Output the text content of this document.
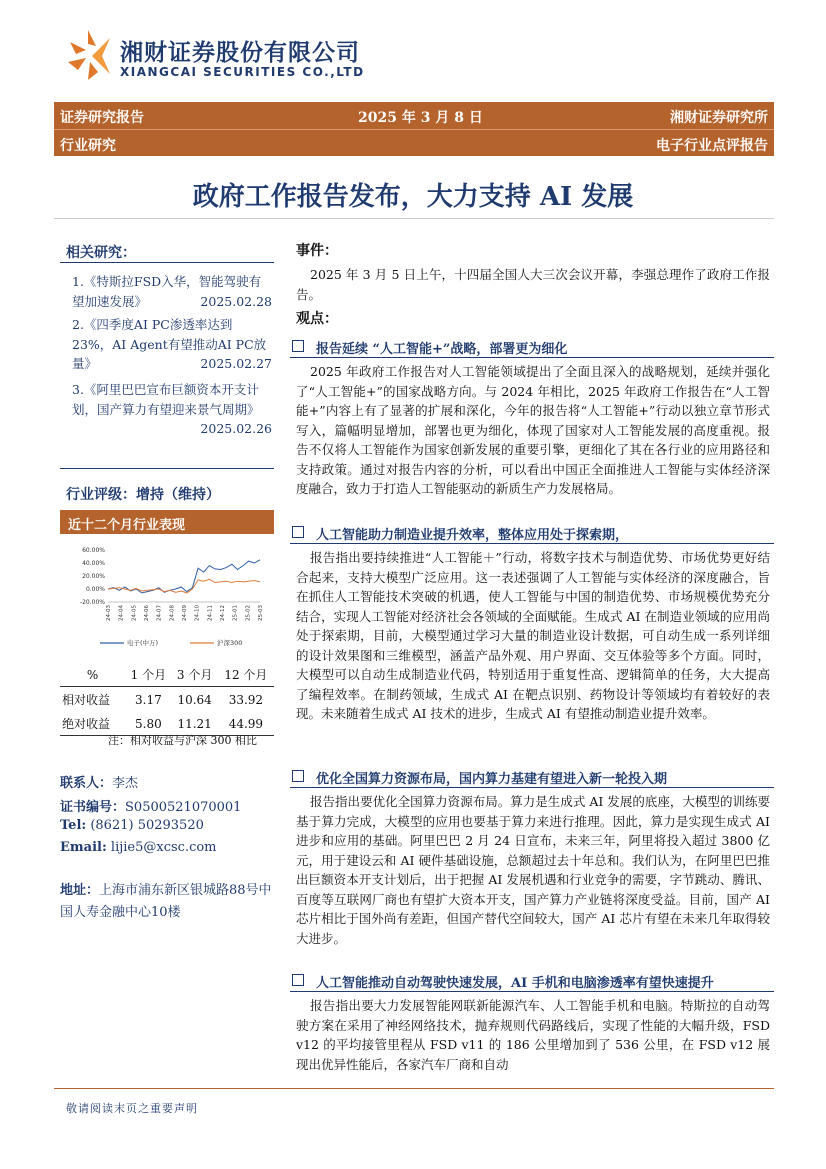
湘财证券股份有限公司
XIANGCAI SECURITIES CO.,LTD
证券研究报告	2025 年 3 月 8 日	湘财证券研究所
行业研究	电子行业点评报告
政府工作报告发布，大力支持 AI 发展
相关研究：
1.《特斯拉FSD入华，智能驾驶有望加速发展》	2025.02.28
2.《四季度AI PC渗透率达到23%，AI Agent有望推动AI PC放量》	2025.02.27
3.《阿里巴巴宣布巨额资本开支计划，国产算力有望迎来景气周期》
2025.02.26
行业评级：增持（维持）
近十二个月行业表现
60.00%
40.00%
20.00%
0.00%
-20.00%
24-03 24-04 24-05 24-06 24-07 24-08 24-09 24-10 24-11 24-12 25-01 25-02 25-03
电子(中万)	沪深300
%	1 个月	3 个月	12 个月
相对收益	3.17	10.64	33.92
绝对收益	5.80	11.21	44.99
注：相对收益与沪深 300 相比
联系人：李杰
证书编号：S0500521070001
Tel: (8621) 50293520
Email: lijie5@xcsc.com
地址：上海市浦东新区银城路88号中国人寿金融中心10楼
事件：
2025 年 3 月 5 日上午，十四届全国人大三次会议开幕，李强总理作了政府工作报告。
观点：
报告延续 “人工智能+”战略，部署更为细化
2025 年政府工作报告对人工智能领域提出了全面且深入的战略规划，延续并强化了“人工智能+”的国家战略方向。与 2024 年相比，2025 年政府工作报告在“人工智能+”内容上有了显著的扩展和深化，今年的报告将“人工智能+”行动以独立章节形式写入，篇幅明显增加，部署也更为细化，体现了国家对人工智能发展的高度重视。报告不仅将人工智能作为国家创新发展的重要引擎，更细化了其在各行业的应用路径和支持政策。通过对报告内容的分析，可以看出中国正全面推进人工智能与实体经济深度融合，致力于打造人工智能驱动的新质生产力发展格局。
人工智能助力制造业提升效率，整体应用处于探索期，
报告指出要持续推进“人工智能＋”行动，将数字技术与制造优势、市场优势更好结合起来，支持大模型广泛应用。这一表述强调了人工智能与实体经济的深度融合，旨在抓住人工智能技术突破的机遇，使人工智能与中国的制造优势、市场规模优势充分结合，实现人工智能对经济社会各领域的全面赋能。生成式 AI 在制造业领域的应用尚处于探索期，目前，大模型通过学习大量的制造业设计数据，可自动生成一系列详细的设计效果图和三维模型，涵盖产品外观、用户界面、交互体验等多个方面。同时，大模型可以自动生成制造业代码，特别适用于重复性高、逻辑简单的任务，大大提高了编程效率。在制药领域，生成式 AI 在靶点识别、药物设计等领域均有着较好的表现。未来随着生成式 AI 技术的进步，生成式 AI 有望推动制造业提升效率。
优化全国算力资源布局，国内算力基建有望进入新一轮投入期
报告指出要优化全国算力资源布局。算力是生成式 AI 发展的底座，大模型的训练要基于算力完成，大模型的应用也要基于算力来进行推理。因此，算力是实现生成式 AI 进步和应用的基础。阿里巴巴 2 月 24 日宣布，未来三年，阿里将投入超过 3800 亿元，用于建设云和 AI 硬件基础设施，总额超过去十年总和。我们认为，在阿里巴巴推出巨额资本开支计划后，出于把握 AI 发展机遇和行业竞争的需要，字节跳动、腾讯、百度等互联网厂商也有望扩大资本开支，国产算力产业链将深度受益。目前，国产 AI 芯片相比于国外尚有差距，但国产替代空间较大，国产 AI 芯片有望在未来几年取得较大进步。
人工智能推动自动驾驶快速发展，AI 手机和电脑渗透率有望快速提升
报告指出要大力发展智能网联新能源汽车、人工智能手机和电脑。特斯拉的自动驾驶方案在采用了神经网络技术，抛弃规则代码路线后，实现了性能的大幅升级，FSD v12 的平均接管里程从 FSD v11 的 186 公里增加到了 536 公里，在 FSD v12 展现出优异性能后，各家汽车厂商和自动
敬请阅读末页之重要声明
